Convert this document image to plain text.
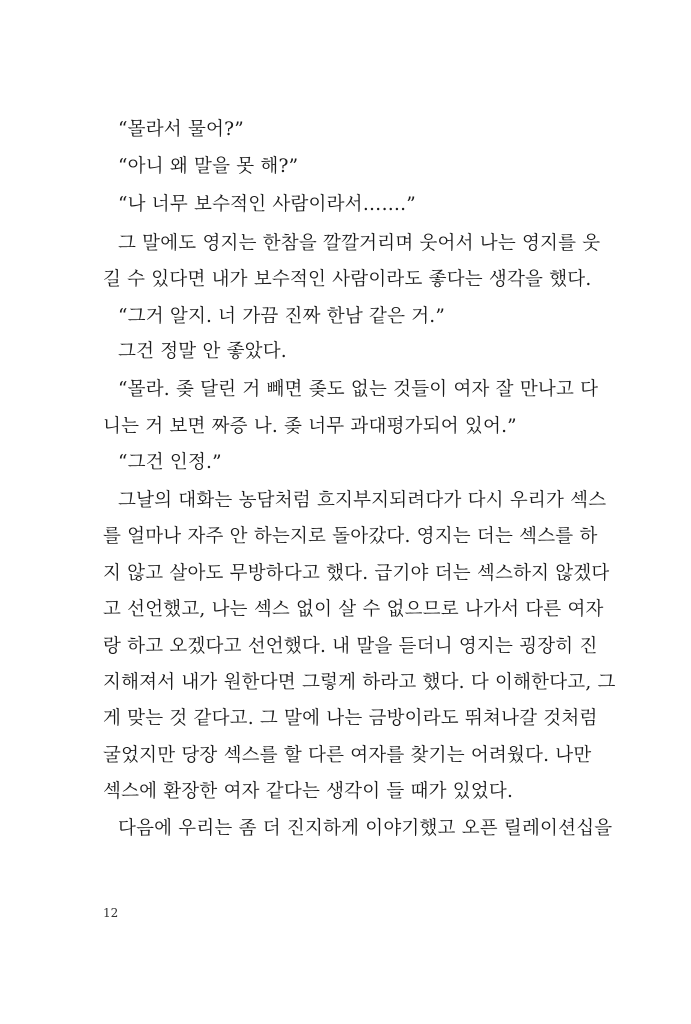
“몰라서 물어?”
“아니 왜 말을 못 해?”
“나 너무 보수적인 사람이라서…….”
그 말에도 영지는 한참을 깔깔거리며 웃어서 나는 영지를 웃
길 수 있다면 내가 보수적인 사람이라도 좋다는 생각을 했다.
“그거 알지. 너 가끔 진짜 한남 같은 거.”
그건 정말 안 좋았다.
“몰라. 좆 달린 거 빼면 좆도 없는 것들이 여자 잘 만나고 다
니는 거 보면 짜증 나. 좆 너무 과대평가되어 있어.”
“그건 인정.”
그날의 대화는 농담처럼 흐지부지되려다가 다시 우리가 섹스
를 얼마나 자주 안 하는지로 돌아갔다. 영지는 더는 섹스를 하
지 않고 살아도 무방하다고 했다. 급기야 더는 섹스하지 않겠다
고 선언했고, 나는 섹스 없이 살 수 없으므로 나가서 다른 여자
랑 하고 오겠다고 선언했다. 내 말을 듣더니 영지는 굉장히 진
지해져서 내가 원한다면 그렇게 하라고 했다. 다 이해한다고, 그
게 맞는 것 같다고. 그 말에 나는 금방이라도 뛰쳐나갈 것처럼
굴었지만 당장 섹스를 할 다른 여자를 찾기는 어려웠다. 나만
섹스에 환장한 여자 같다는 생각이 들 때가 있었다.
다음에 우리는 좀 더 진지하게 이야기했고 오픈 릴레이션십을
12
